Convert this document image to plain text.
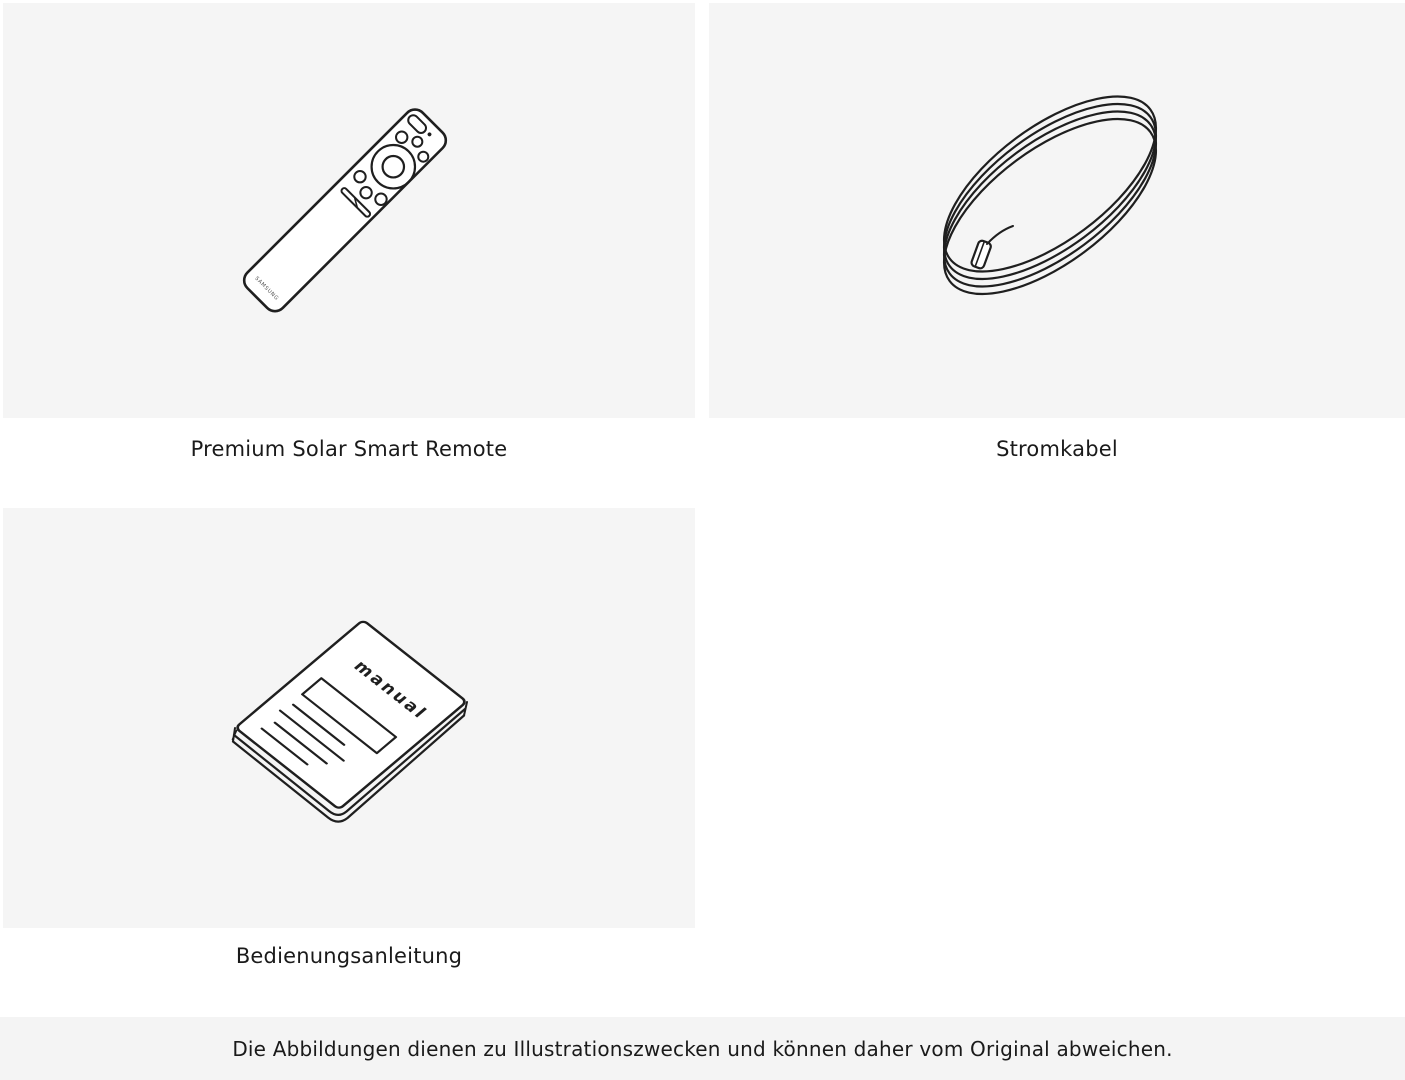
SAMSUNG
manual
Premium Solar Smart Remote	Stromkabel
Bedienungsanleitung
Die Abbildungen dienen zu Illustrationszwecken und können daher vom Original abweichen.
